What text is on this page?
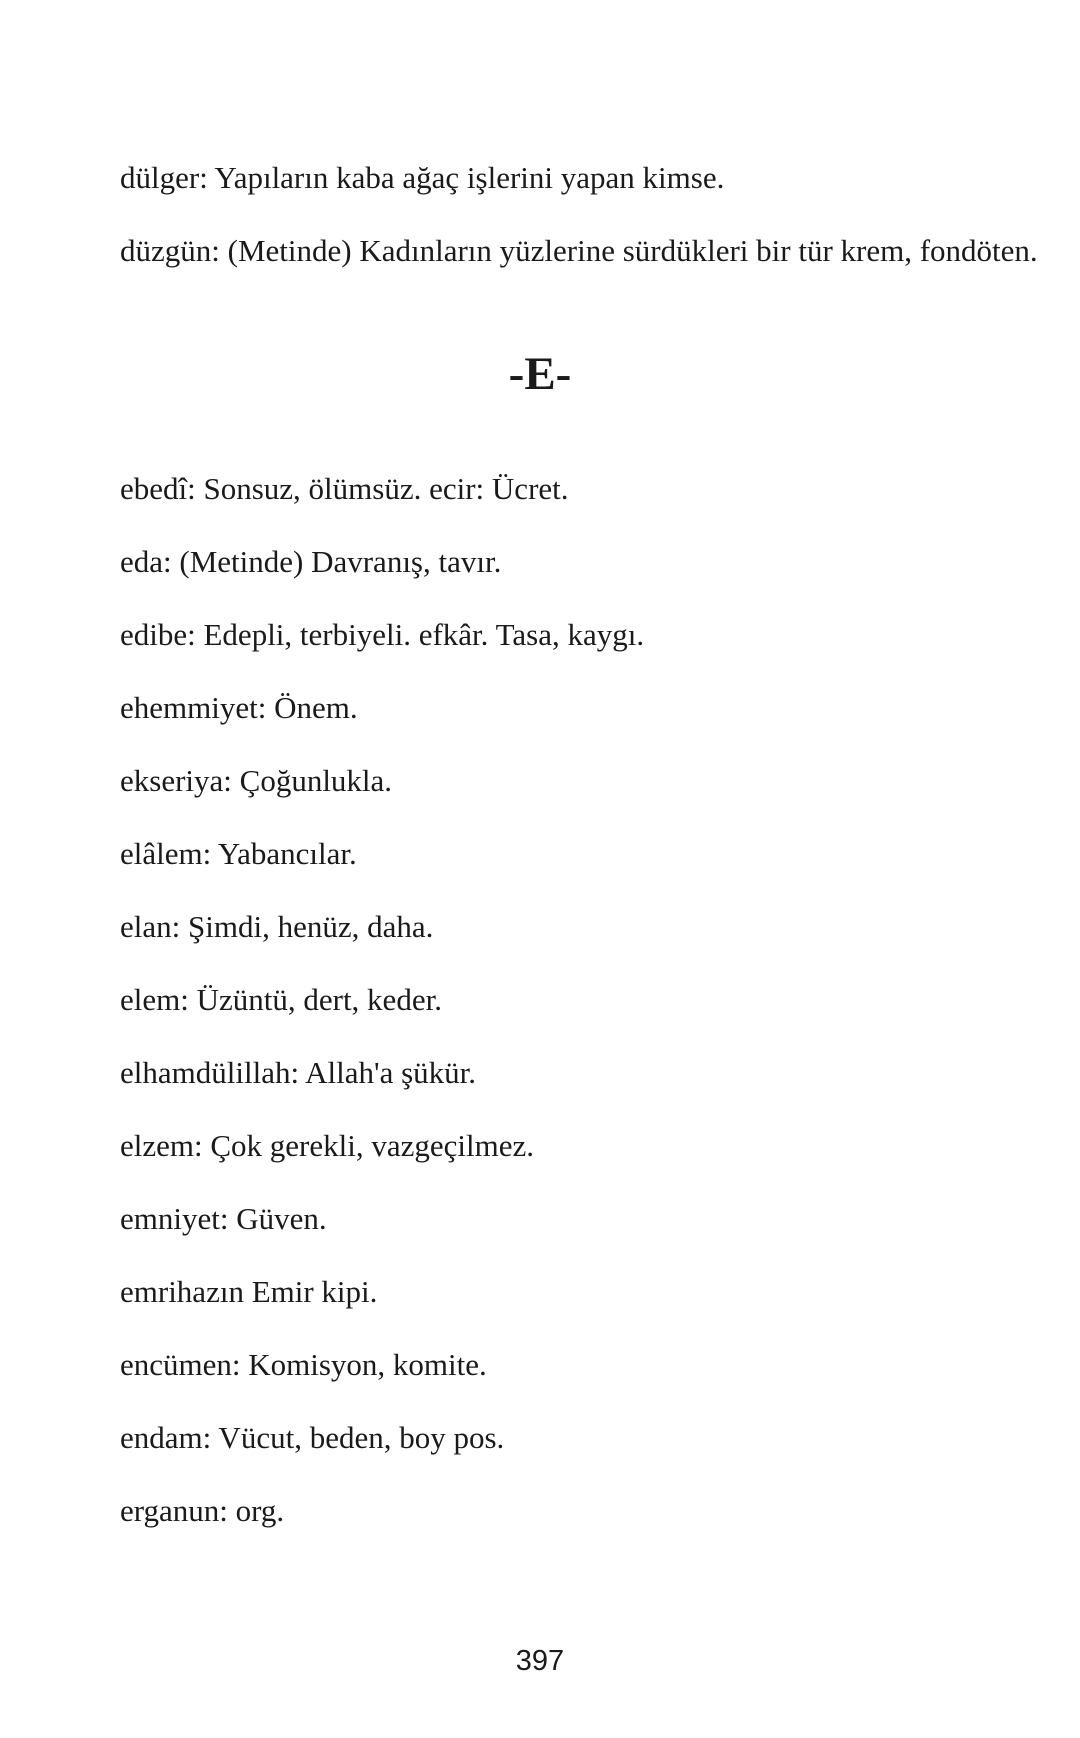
dülger: Yapıların kaba ağaç işlerini yapan kimse.

düzgün: (Metinde) Kadınların yüzlerine sürdükleri bir tür krem, fondöten.

-E-

ebedî: Sonsuz, ölümsüz. ecir: Ücret.

eda: (Metinde) Davranış, tavır.

edibe: Edepli, terbiyeli. efkâr. Tasa, kaygı.

ehemmiyet: Önem.

ekseriya: Çoğunlukla.

elâlem: Yabancılar.

elan: Şimdi, henüz, daha.

elem: Üzüntü, dert, keder.

elhamdülillah: Allah'a şükür.

elzem: Çok gerekli, vazgeçilmez.

emniyet: Güven.

emrihazın Emir kipi.

encümen: Komisyon, komite.

endam: Vücut, beden, boy pos.

erganun: org.

397
